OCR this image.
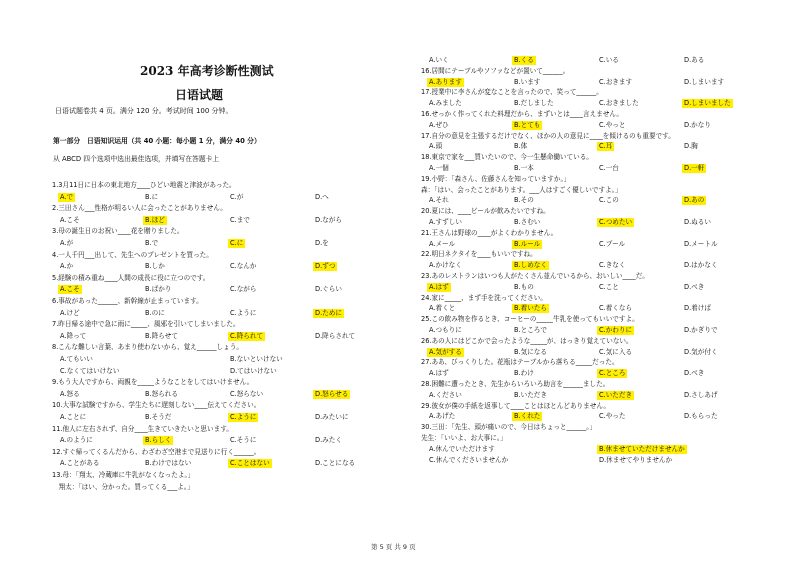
2023 年高考诊断性测试
日语试题
日语试题卷共 4 页。满分 120 分。考试时间 100 分钟。
第一部分　日语知识运用（共 40 小题：每小题 1 分，满分 40 分）
从 ABCD 四个选项中选出最佳选项，并填写在答题卡上
1.3月11日に日本の東北地方____ひどい地震と津波があった。
A.で	B.に	C.が	D.へ
2.三田さん___性格が明るい人に会ったことがありません。
A.こそ	B.ほど	C.まで	D.ながら
3.母の誕生日のお祝い____花を贈りました。
A.が	B.で	C.に	D.を
4.一人千円___出して、先生へのプレゼントを買った。
A.か	B.しか	C.なんか	D.ずつ
5.経験の積み重ね____人間の成長に役に立つのです。
A.こそ	B.ばかり	C.ながら	D.ぐらい
6.事故があった______、新幹線が止まっています。
A.けど	B.のに	C.ように	D.ために
7.昨日帰る途中で急に雨に_____、風邪を引いてしまいました。
A.降って	B.降らせて	C.降られて	D.降らされて
8.こんな難しい言葉、あまり使わないから、覚え______しょう。
A.てもいい	B.ないといけない
C.なくてはいけない	D.てはいけない
9.もう大人ですから、両親を_____ようなことをしてはいけません。
A.怒る	B.怒られる	C.怒らない	D.怒らせる
10.大事な試験ですから、学生たちに遅刻しない____伝えてください。
A.ことに	B.そうだ	C.ように	D.みたいに
11.他人に左右されず、自分____生きていきたいと思います。
A.のように	B.らしく	C.そうに	D.みたく
12.すぐ帰ってくるんだから、わざわざ空港まで見送りに行く______。
A.ことがある	B.わけではない	C.ことはない	D.ことになる
13.母：「翔太、冷蔵庫に牛乳がなくなったよ。」
　翔太：「はい、分かった。買ってくる___よ。」
A.いく	B.くる	C.いる	D.ある
16.居間にテーブルやソファなどが置いて______。
A.あります	B.います	C.おきます	D.しまいます
17.授業中に李さんが変なことを言ったので、笑って______。
A.みました	B.だしました	C.おきました	D.しまいました
16.せっかく作ってくれた料理だから、まずいとは____言えません。
A.ぜひ	B.とても	C.やっと	D.かなり
17.自分の意見を主張するだけでなく、ほかの人の意見に____を傾けるのも重要です。
A.頭	B.体	C.耳	D.胸
18.東京で家を___買いたいので、今一生懸命働いている。
A.一個	B.一本	C.一台	D.一軒
19.小野：「森さん、佐藤さんを知っていますか。」
森：「はい、会ったことがあります。___人はすごく優しいですよ。」
A.それ	B.その	C.この	D.あの
20.夏には、____ビールが飲みたいですね。
A.すずしい	B.さむい	C.つめたい	D.ぬるい
21.王さんは野球の____がよくわかりません。
A.メール	B.ルール	C.プール	D.メートル
22.明日ネクタイを____もいいですね。
A.かけなく	B.しめなく	C.きなく	D.はかなく
23.あのレストランはいつも人がたくさん並んでいるから、おいしい____だ。
A.はず	B.もの	C.こと	D.べき
24.家に_____、まず手を洗ってください。
A.着くと	B.着いたら	C.着くなら	D.着けば
25.この飲み物を作るとき、コーヒーの_____牛乳を使ってもいいですよ。
A.つもりに	B.ところで	C.かわりに	D.かぎりで
26.あの人にはどこかで会ったような_____が、はっきり覚えていない。
A.気がする	B.気になる	C.気に入る	D.気が付く
27.ああ、びっくりした。花瓶はテーブルから落ちる_____だった。
A.はず	B.わけ	C.ところ	D.べき
28.困難に遭ったとき、先生からいろいろ助言を______ました。
A.ください	B.いただき	C.いただき	D.さしあげ
29.彼女が僕の手紙を返事して____ことはほとんどありません。
A.あげた	B.くれた	C.やった	D.もらった
30.三田：「先生、頭が痛いので、今日はちょっと______。」
先生：「いいよ、お大事に。」
A.休んでいただけます	B.休ませていただけませんか
C.休んでくださいませんか	D.休ませてやりませんか
第 5 页 共 9 页
